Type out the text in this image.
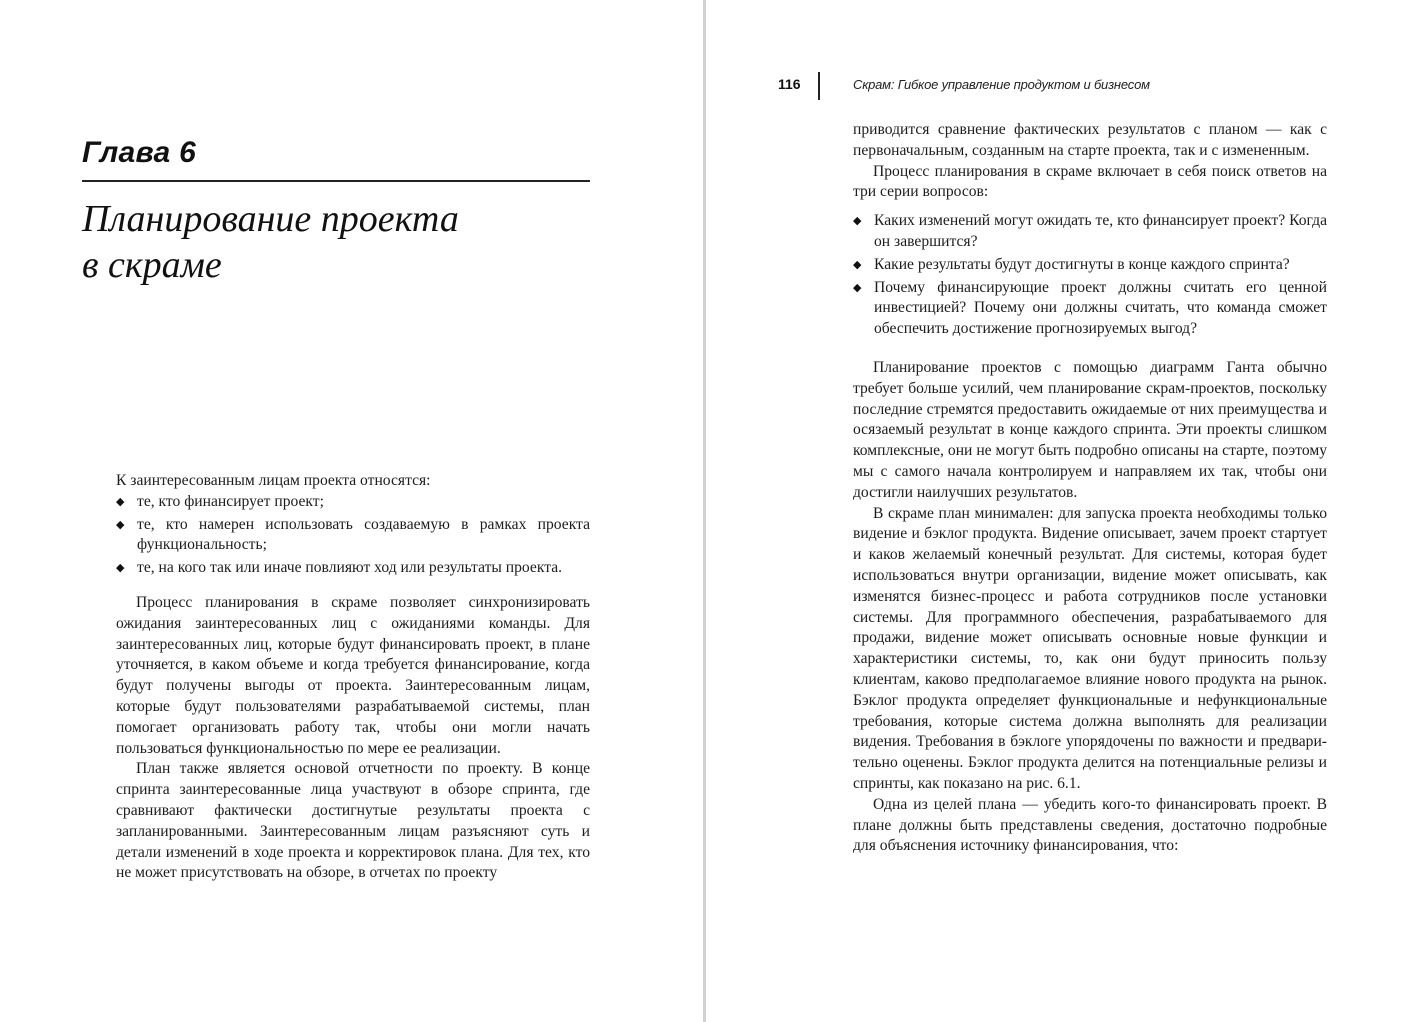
Глава 6
Планирование проекта
в скраме

К заинтересованным лицам проекта относятся:

◆ те, кто финансирует проект;
◆ те, кто намерен использовать создаваемую в рамках проекта функциональность;
◆ те, на кого так или иначе повлияют ход или результаты проекта.

Процесс планирования в скраме позволяет синхронизировать ожидания заинтересованных лиц с ожиданиями команды. Для заинтересованных лиц, которые будут финансировать проект, в плане уточняется, в каком объеме и когда требуется финансирование, когда будут получены выгоды от проекта. Заинтересованным лицам, которые будут пользователями разрабатываемой системы, план помогает организовать работу так, чтобы они могли начать пользоваться функциональностью по мере ее реализации.

План также является основой отчетности по проекту. В конце спринта заинтересованные лица участвуют в обзоре спринта, где сравнивают фактически достигнутые результаты проекта с запланированными. Заинтересованным лицам разъясняют суть и детали изменений в ходе проекта и корректировок плана. Для тех, кто не может присутствовать на обзоре, в отчетах по проекту

116	Скрам: Гибкое управление продуктом и бизнесом

приводится сравнение фактических результатов с планом — как с первоначальным, созданным на старте проекта, так и с измененным.

Процесс планирования в скраме включает в себя поиск ответов на три серии вопросов:

◆ Каких изменений могут ожидать те, кто финансирует проект? Когда он завершится?
◆ Какие результаты будут достигнуты в конце каждого спринта?
◆ Почему финансирующие проект должны считать его ценной инвестицией? Почему они должны считать, что команда сможет обеспечить достижение прогнозируемых выгод?

Планирование проектов с помощью диаграмм Ганта обычно требует больше усилий, чем планирование скрам-проектов, поскольку последние стремятся предоставить ожидаемые от них преимущества и осязаемый результат в конце каждого спринта. Эти проекты слишком комплексные, они не могут быть подробно описаны на старте, поэтому мы с самого начала контролируем и направляем их так, чтобы они достигли наилучших результатов.

В скраме план минимален: для запуска проекта необходимы только видение и бэклог продукта. Видение описывает, зачем проект стартует и каков желаемый конечный результат. Для системы, которая будет использоваться внутри организации, видение может описывать, как изменятся бизнес-процесс и работа сотрудников после установки системы. Для программного обеспечения, разрабатываемого для продажи, видение может описывать основные новые функции и характеристики системы, то, как они будут приносить пользу клиентам, каково предполагаемое влияние нового продукта на рынок. Бэклог продукта определяет функциональные и нефункциональные требования, которые система должна выполнять для реализации видения. Требования в бэклоге упорядочены по важности и предварительно оценены. Бэклог продукта делится на потенциальные релизы и спринты, как показано на рис. 6.1.

Одна из целей плана — убедить кого-то финансировать проект. В плане должны быть представлены сведения, достаточно подробные для объяснения источнику финансирования, что:
